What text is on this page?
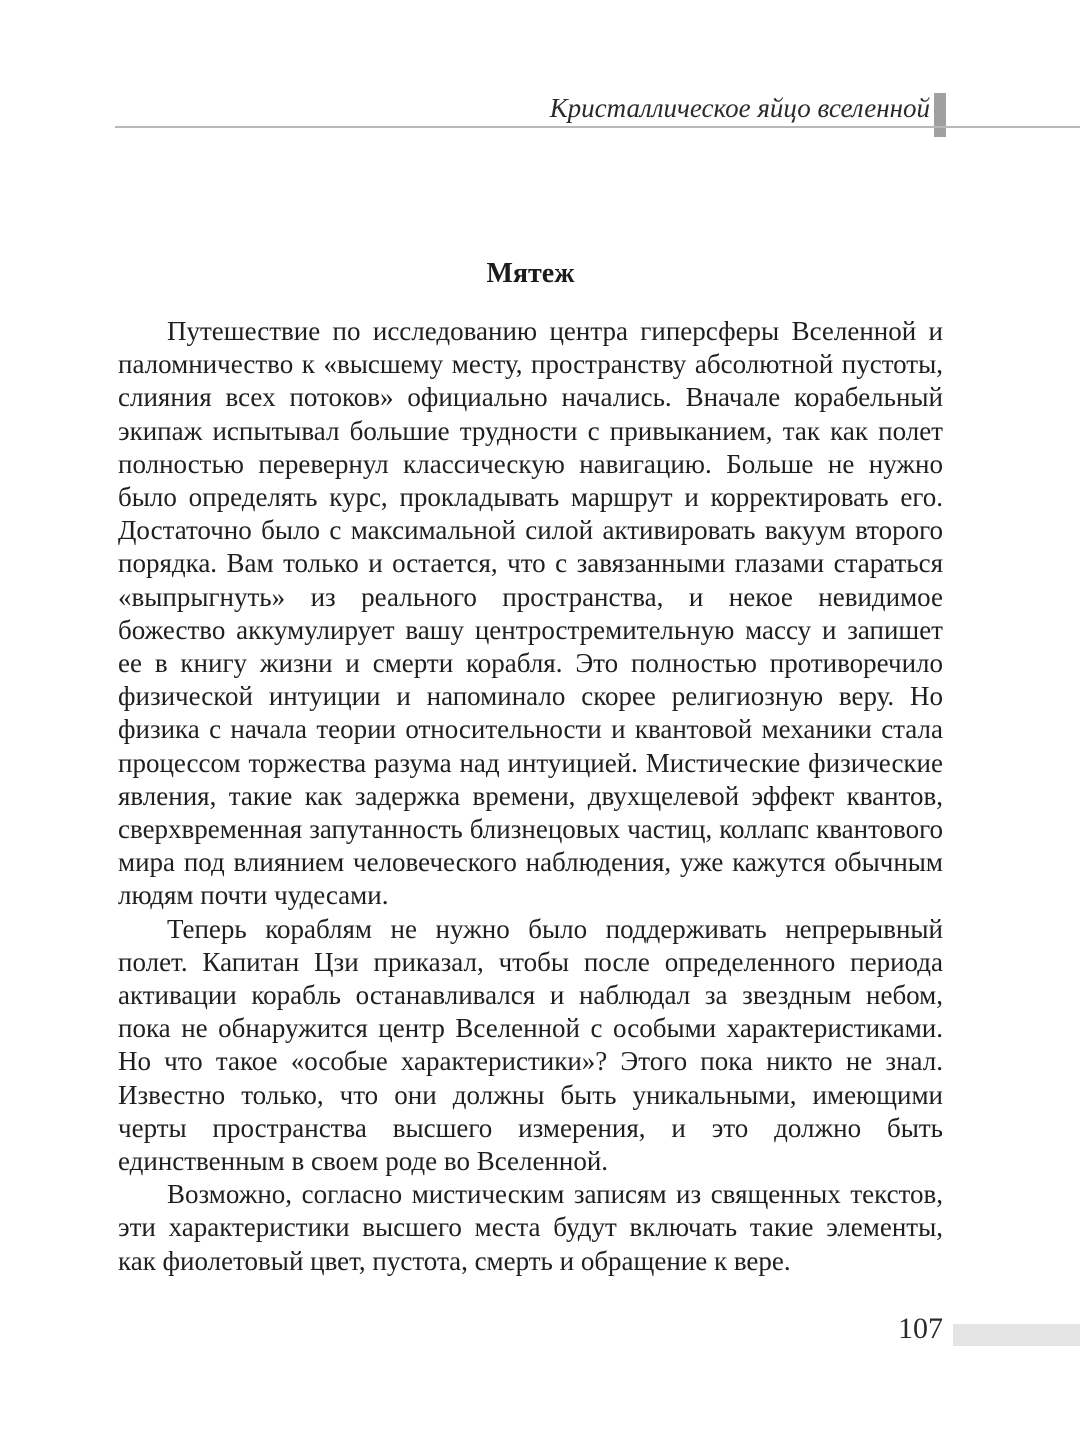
Кристаллическое яйцо вселенной
Мятеж

Путешествие по исследованию центра гиперсферы Вселенной и паломничество к «высшему месту, пространству абсолютной пустоты, слияния всех потоков» официально начались. Вначале корабельный экипаж испытывал большие трудности с привыканием, так как полет полностью перевернул классическую навигацию. Больше не нужно было определять курс, прокладывать маршрут и корректировать его. Достаточно было с максимальной силой активировать вакуум второго порядка. Вам только и остается, что с завязанными глазами стараться «выпрыгнуть» из реального пространства, и некое невидимое божество аккумулирует вашу центростремительную массу и запишет ее в книгу жизни и смерти корабля. Это полностью противоречило физической интуиции и напоминало скорее религиозную веру. Но физика с начала теории относительности и квантовой механики стала процессом торжества разума над интуицией. Мистические физические явления, такие как задержка времени, двухщелевой эффект квантов, сверхвременная запутанность близнецовых частиц, коллапс квантового мира под влиянием человеческого наблюдения, уже кажутся обычным людям почти чудесами.

Теперь кораблям не нужно было поддерживать непрерывный полет. Капитан Цзи приказал, чтобы после определенного периода активации корабль останавливался и наблюдал за звездным небом, пока не обнаружится центр Вселенной с особыми характеристиками. Но что такое «особые характеристики»? Этого пока никто не знал. Известно только, что они должны быть уникальными, имеющими черты пространства высшего измерения, и это должно быть единственным в своем роде во Вселенной.

Возможно, согласно мистическим записям из священных текстов, эти характеристики высшего места будут включать такие элементы, как фиолетовый цвет, пустота, смерть и обращение к вере.

107
